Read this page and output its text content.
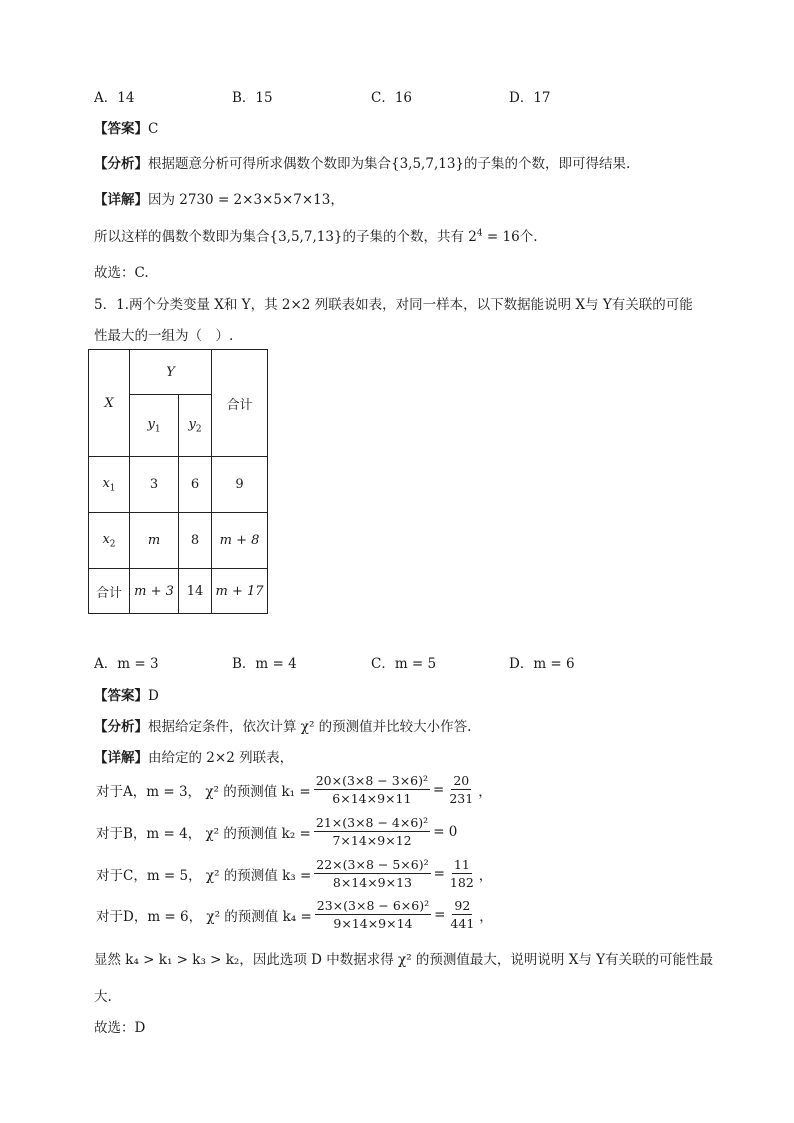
A．14	B．15	C．16	D．17
【答案】C
【分析】根据题意分析可得所求偶数个数即为集合{3,5,7,13}的子集的个数，即可得结果.
【详解】因为 2730 = 2×3×5×7×13，
所以这样的偶数个数即为集合{3,5,7,13}的子集的个数，共有 $2^4 = 16$个.
故选：C.
5．1.两个分类变量 X和 Y，其 2×2 列联表如表，对同一样本，以下数据能说明 X与 Y有关联的可能
性最大的一组为（　）.
X	Y		合计
	$y_1$	$y_2$
$x_1$	3	6	9
$x_2$	m	8	m + 8
合计	m + 3	14	m + 17
A．m = 3	B．m = 4	C．m = 5	D．m = 6
【答案】D
【分析】根据给定条件，依次计算 χ² 的预测值并比较大小作答.
【详解】由给定的 2×2 列联表，
对于A，m = 3， χ² 的预测值 $k_1 = \frac{\text{20×(3×8 − 3×6)²}}{6\times 14\times 9\times 11} = \frac{20}{231}$ ，
对于B，m = 4， χ² 的预测值 $k_2 = \frac{\text{21×(3×8 − 4×6)²}}{7\times 14\times 9\times 12} = 0$
对于C，m = 5， χ² 的预测值 $k_3 = \frac{\text{22×(3×8 − 5×6)²}}{8\times 14\times 9\times 13} = \frac{11}{182}$ ，
对于D，m = 6， χ² 的预测值 $k_4 = \frac{\text{23×(3×8 − 6×6)²}}{9\times 14\times 9\times 14} = \frac{92}{441}$ ，
显然 k₄ > k₁ > k₃ > k₂，因此选项 D 中数据求得 χ² 的预测值最大，说明说明 X与 Y有关联的可能性最
大.
故选：D
